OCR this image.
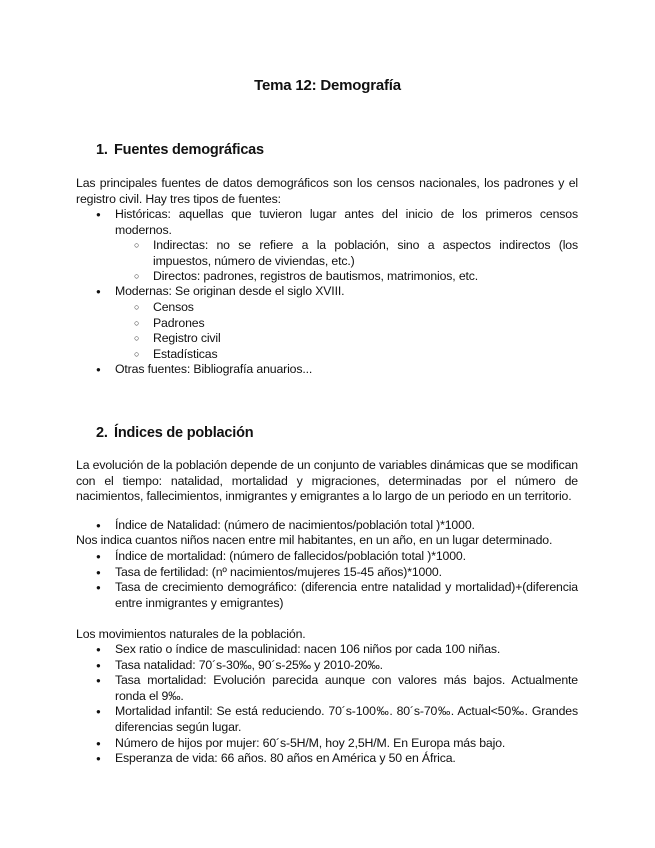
Tema 12: Demografía
1. Fuentes demográficas
Las principales fuentes de datos demográficos son los censos nacionales, los padrones y el registro civil. Hay tres tipos de fuentes:
● Históricas: aquellas que tuvieron lugar antes del inicio de los primeros censos modernos.
○ Indirectas: no se refiere a la población, sino a aspectos indirectos (los impuestos, número de viviendas, etc.)
○ Directos: padrones, registros de bautismos, matrimonios, etc.
● Modernas: Se originan desde el siglo XVIII.
○ Censos
○ Padrones
○ Registro civil
○ Estadísticas
● Otras fuentes: Bibliografía anuarios...
2. Índices de población
La evolución de la población depende de un conjunto de variables dinámicas que se modifican con el tiempo: natalidad, mortalidad y migraciones, determinadas por el número de nacimientos, fallecimientos, inmigrantes y emigrantes a lo largo de un periodo en un territorio.
● Índice de Natalidad: (número de nacimientos/población total )*1000.
Nos indica cuantos niños nacen entre mil habitantes, en un año, en un lugar determinado.
● Índice de mortalidad: (número de fallecidos/población total )*1000.
● Tasa de fertilidad: (nº nacimientos/mujeres 15-45 años)*1000.
● Tasa de crecimiento demográfico: (diferencia entre natalidad y mortalidad)+(diferencia entre inmigrantes y emigrantes)
Los movimientos naturales de la población.
● Sex ratio o índice de masculinidad: nacen 106 niños por cada 100 niñas.
● Tasa natalidad: 70´s-30‰, 90´s-25‰ y 2010-20‰.
● Tasa mortalidad: Evolución parecida aunque con valores más bajos. Actualmente ronda el 9‰.
● Mortalidad infantil: Se está reduciendo. 70´s-100‰. 80´s-70‰. Actual<50‰. Grandes diferencias según lugar.
● Número de hijos por mujer: 60´s-5H/M, hoy 2,5H/M. En Europa más bajo.
● Esperanza de vida: 66 años. 80 años en América y 50 en África.
